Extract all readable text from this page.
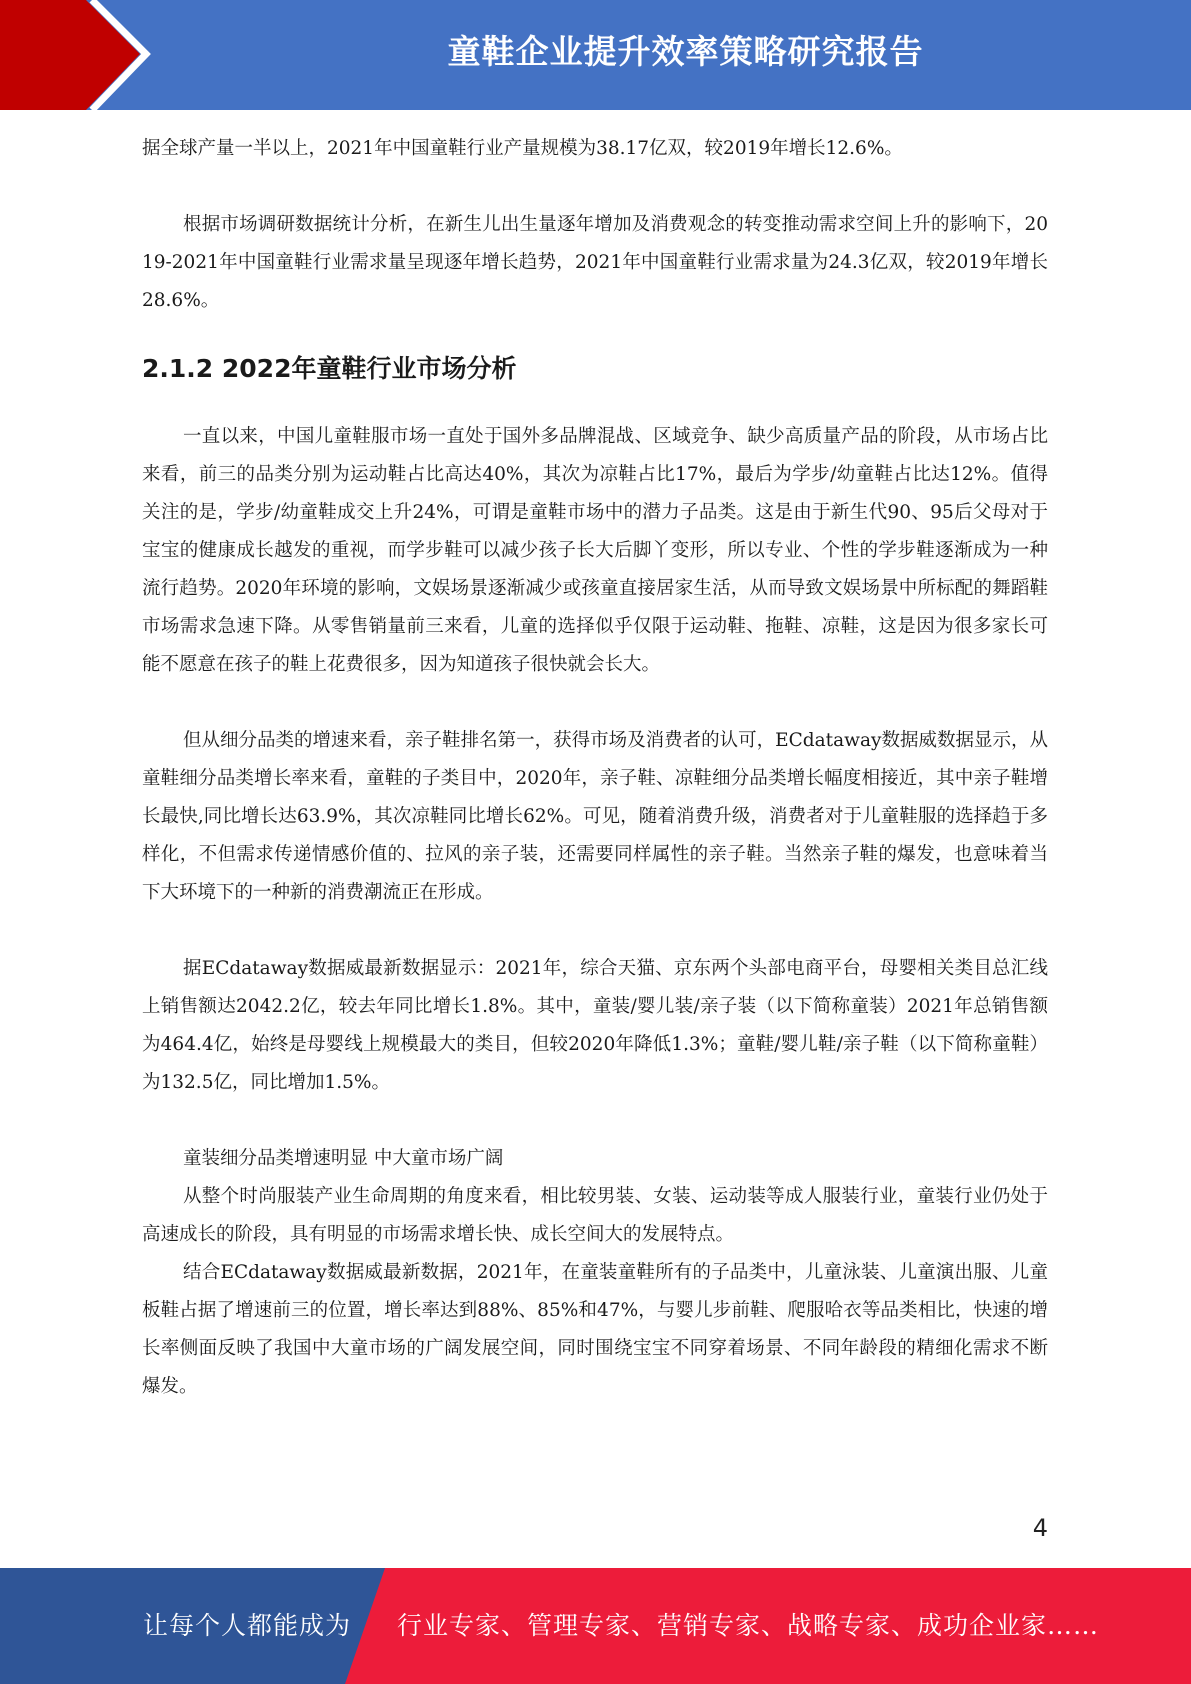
童鞋企业提升效率策略研究报告

据全球产量一半以上，2021年中国童鞋行业产量规模为38.17亿双，较2019年增长12.6%。

根据市场调研数据统计分析，在新生儿出生量逐年增加及消费观念的转变推动需求空间上升的影响下，2019-2021年中国童鞋行业需求量呈现逐年增长趋势，2021年中国童鞋行业需求量为24.3亿双，较2019年增长28.6%。

2.1.2 2022年童鞋行业市场分析

一直以来，中国儿童鞋服市场一直处于国外多品牌混战、区域竞争、缺少高质量产品的阶段，从市场占比来看，前三的品类分别为运动鞋占比高达40%，其次为凉鞋占比17%，最后为学步/幼童鞋占比达12%。值得关注的是，学步/幼童鞋成交上升24%，可谓是童鞋市场中的潜力子品类。这是由于新生代90、95后父母对于宝宝的健康成长越发的重视，而学步鞋可以减少孩子长大后脚丫变形，所以专业、个性的学步鞋逐渐成为一种流行趋势。2020年环境的影响，文娱场景逐渐减少或孩童直接居家生活，从而导致文娱场景中所标配的舞蹈鞋市场需求急速下降。从零售销量前三来看，儿童的选择似乎仅限于运动鞋、拖鞋、凉鞋，这是因为很多家长可能不愿意在孩子的鞋上花费很多，因为知道孩子很快就会长大。

但从细分品类的增速来看，亲子鞋排名第一，获得市场及消费者的认可，ECdataway数据威数据显示，从童鞋细分品类增长率来看，童鞋的子类目中，2020年，亲子鞋、凉鞋细分品类增长幅度相接近，其中亲子鞋增长最快,同比增长达63.9%，其次凉鞋同比增长62%。可见，随着消费升级，消费者对于儿童鞋服的选择趋于多样化，不但需求传递情感价值的、拉风的亲子装，还需要同样属性的亲子鞋。当然亲子鞋的爆发，也意味着当下大环境下的一种新的消费潮流正在形成。

据ECdataway数据威最新数据显示：2021年，综合天猫、京东两个头部电商平台，母婴相关类目总汇线上销售额达2042.2亿，较去年同比增长1.8%。其中，童装/婴儿装/亲子装（以下简称童装）2021年总销售额为464.4亿，始终是母婴线上规模最大的类目，但较2020年降低1.3%；童鞋/婴儿鞋/亲子鞋（以下简称童鞋）为132.5亿，同比增加1.5%。

童装细分品类增速明显 中大童市场广阔

从整个时尚服装产业生命周期的角度来看，相比较男装、女装、运动装等成人服装行业，童装行业仍处于高速成长的阶段，具有明显的市场需求增长快、成长空间大的发展特点。

结合ECdataway数据威最新数据，2021年，在童装童鞋所有的子品类中，儿童泳装、儿童演出服、儿童板鞋占据了增速前三的位置，增长率达到88%、85%和47%，与婴儿步前鞋、爬服哈衣等品类相比，快速的增长率侧面反映了我国中大童市场的广阔发展空间，同时围绕宝宝不同穿着场景、不同年龄段的精细化需求不断爆发。

4
让每个人都能成为 行业专家、管理专家、营销专家、战略专家、成功企业家……
